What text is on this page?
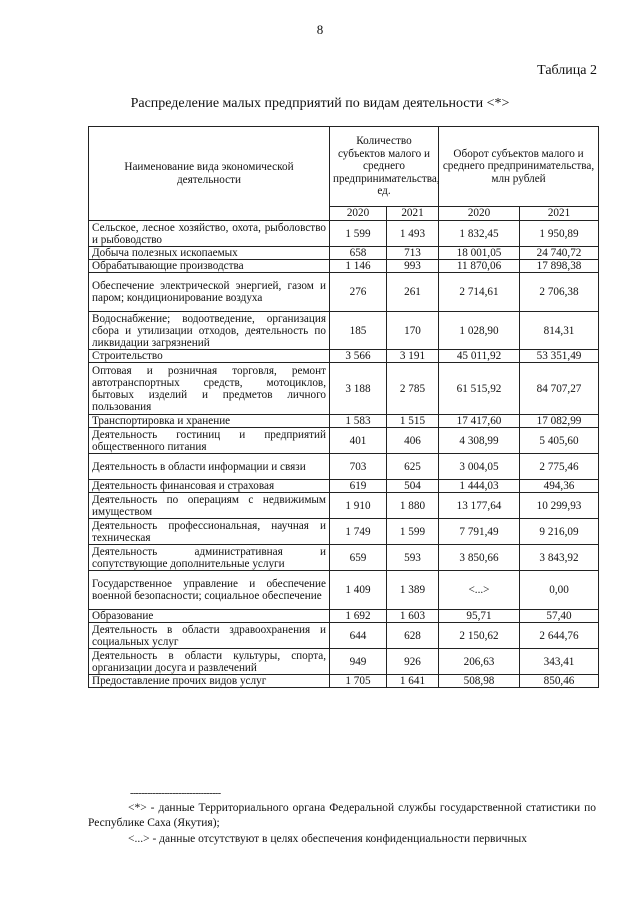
8
Таблица 2
Распределение малых предприятий по видам деятельности <*>
Наименование вида экономической деятельности	Количество субъектов малого и среднего предпринимательства, ед.		Оборот субъектов малого и среднего предпринимательства, млн рублей	
	2020	2021	2020	2021
Сельское, лесное хозяйство, охота, рыболовство и рыбоводство	1 599	1 493	1 832,45	1 950,89
Добыча полезных ископаемых	658	713	18 001,05	24 740,72
Обрабатывающие производства	1 146	993	11 870,06	17 898,38
Обеспечение электрической энергией, газом и паром; кондиционирование воздуха	276	261	2 714,61	2 706,38
Водоснабжение; водоотведение, организация сбора и утилизации отходов, деятельность по ликвидации загрязнений	185	170	1 028,90	814,31
Строительство	3 566	3 191	45 011,92	53 351,49
Оптовая и розничная торговля, ремонт автотранспортных средств, мотоциклов, бытовых изделий и предметов личного пользования	3 188	2 785	61 515,92	84 707,27
Транспортировка и хранение	1 583	1 515	17 417,60	17 082,99
Деятельность гостиниц и предприятий общественного питания	401	406	4 308,99	5 405,60
Деятельность в области информации и связи	703	625	3 004,05	2 775,46
Деятельность финансовая и страховая	619	504	1 444,03	494,36
Деятельность по операциям с недвижимым имуществом	1 910	1 880	13 177,64	10 299,93
Деятельность профессиональная, научная и техническая	1 749	1 599	7 791,49	9 216,09
Деятельность административная и сопутствующие дополнительные услуги	659	593	3 850,66	3 843,92
Государственное управление и обеспечение военной безопасности; социальное обеспечение	1 409	1 389	<...>	0,00
Образование	1 692	1 603	95,71	57,40
Деятельность в области здравоохранения и социальных услуг	644	628	2 150,62	2 644,76
Деятельность в области культуры, спорта, организации досуга и развлечений	949	926	206,63	343,41
Предоставление прочих видов услуг	1 705	1 641	508,98	850,46
--------------------------------
<*> - данные Территориального органа Федеральной службы государственной статистики по Республике Саха (Якутия);
<...> - данные отсутствуют в целях обеспечения конфиденциальности первичных
